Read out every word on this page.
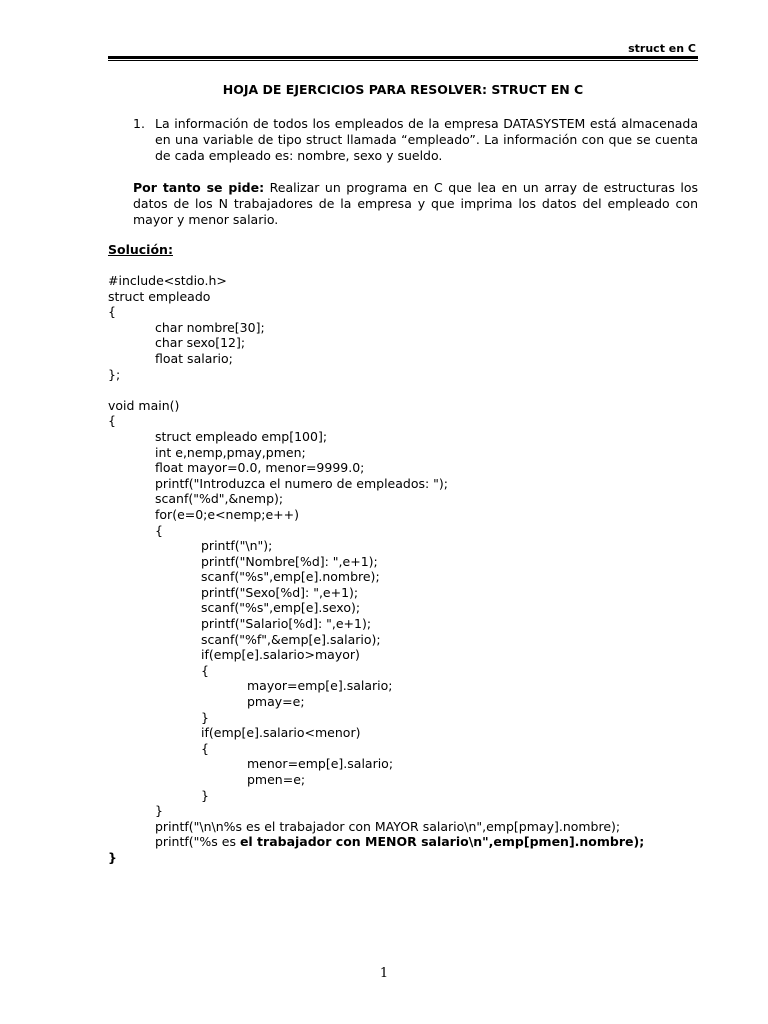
struct en C
HOJA DE EJERCICIOS PARA RESOLVER: STRUCT EN C
1. La información de todos los empleados de la empresa DATASYSTEM está almacenada en una variable de tipo struct llamada “empleado”. La información con que se cuenta de cada empleado es: nombre, sexo y sueldo.
Por tanto se pide: Realizar un programa en C que lea en un array de estructuras los datos de los N trabajadores de la empresa y que imprima los datos del empleado con mayor y menor salario.
Solución:
#include<stdio.h>
struct empleado
{
char nombre[30];
char sexo[12];
float salario;
};
void main()
{
struct empleado emp[100];
int e,nemp,pmay,pmen;
float mayor=0.0, menor=9999.0;
printf("Introduzca el numero de empleados: ");
scanf("%d",&nemp);
for(e=0;e<nemp;e++)
{
printf("\n");
printf("Nombre[%d]: ",e+1);
scanf("%s",emp[e].nombre);
printf("Sexo[%d]: ",e+1);
scanf("%s",emp[e].sexo);
printf("Salario[%d]: ",e+1);
scanf("%f",&emp[e].salario);
if(emp[e].salario>mayor)
{
mayor=emp[e].salario;
pmay=e;
}
if(emp[e].salario<menor)
{
menor=emp[e].salario;
pmen=e;
}
}
printf("\n\n%s es el trabajador con MAYOR salario\n",emp[pmay].nombre);
printf("%s es el trabajador con MENOR salario\n",emp[pmen].nombre);
}
1
